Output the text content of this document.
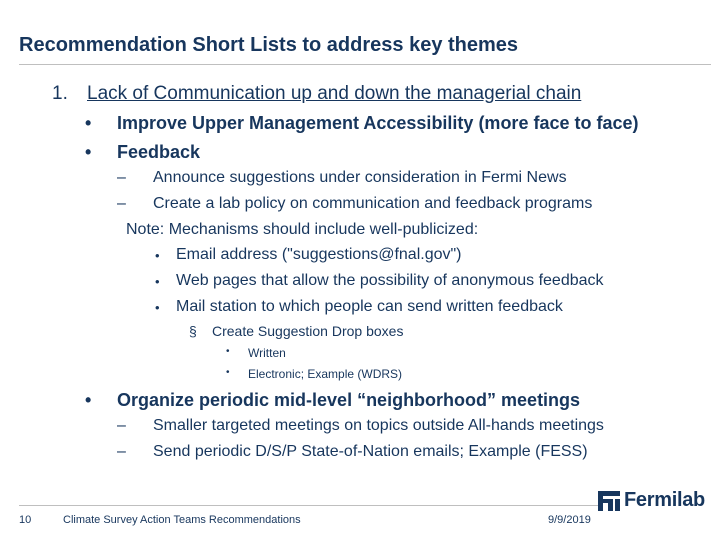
Recommendation Short Lists to address key themes
1. Lack of Communication up and down the managerial chain
• Improve Upper Management Accessibility (more face to face)
• Feedback
– Announce suggestions under consideration in Fermi News
– Create a lab policy on communication and feedback programs
Note: Mechanisms should include well-publicized:
• Email address ("suggestions@fnal.gov")
• Web pages that allow the possibility of anonymous feedback
• Mail station to which people can send written feedback
§ Create Suggestion Drop boxes
• Written
• Electronic; Example (WDRS)
• Organize periodic mid-level “neighborhood” meetings
– Smaller targeted meetings on topics outside All-hands meetings
– Send periodic D/S/P State-of-Nation emails; Example (FESS)
10	Climate Survey Action Teams Recommendations	9/9/2019
Fermilab
